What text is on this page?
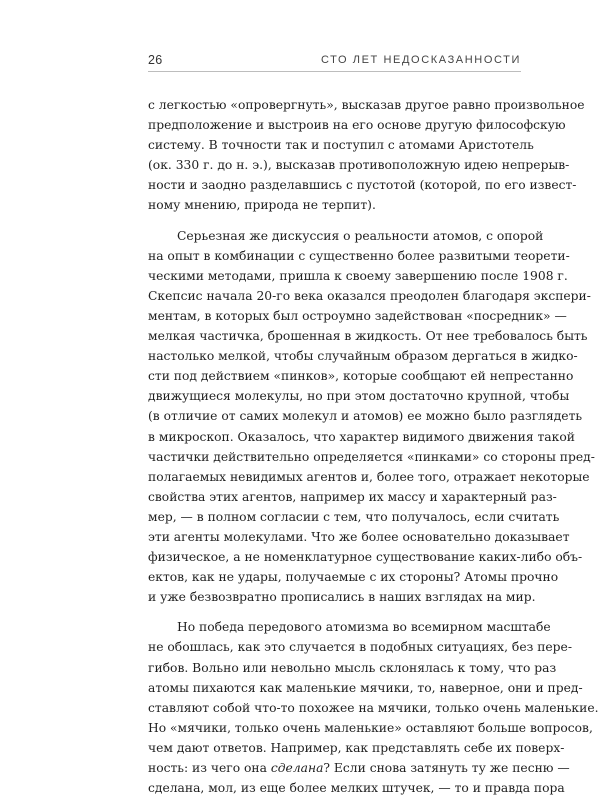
26	СТО ЛЕТ НЕДОСКАЗАННОСТИ
с легкостью «опровергнуть», высказав другое равно произвольное
предположение и выстроив на его основе другую философскую
систему. В точности так и поступил с атомами Аристотель
(ок. 330 г. до н. э.), высказав противоположную идею непрерыв-
ности и заодно разделавшись с пустотой (которой, по его извест-
ному мнению, природа не терпит).
Серьезная же дискуссия о реальности атомов, с опорой
на опыт в комбинации с существенно более развитыми теорети-
ческими методами, пришла к своему завершению после 1908 г.
Скепсис начала 20-го века оказался преодолен благодаря экспери-
ментам, в которых был остроумно задействован «посредник» —
мелкая частичка, брошенная в жидкость. От нее требовалось быть
настолько мелкой, чтобы случайным образом дергаться в жидко-
сти под действием «пинков», которые сообщают ей непрестанно
движущиеся молекулы, но при этом достаточно крупной, чтобы
(в отличие от самих молекул и атомов) ее можно было разглядеть
в микроскоп. Оказалось, что характер видимого движения такой
частички действительно определяется «пинками» со стороны пред-
полагаемых невидимых агентов и, более того, отражает некоторые
свойства этих агентов, например их массу и характерный раз-
мер, — в полном согласии с тем, что получалось, если считать
эти агенты молекулами. Что же более основательно доказывает
физическое, а не номенклатурное существование каких-либо объ-
ектов, как не удары, получаемые с их стороны? Атомы прочно
и уже безвозвратно прописались в наших взглядах на мир.
Но победа передового атомизма во всемирном масштабе
не обошлась, как это случается в подобных ситуациях, без пере-
гибов. Вольно или невольно мысль склонялась к тому, что раз
атомы пихаются как маленькие мячики, то, наверное, они и пред-
ставляют собой что-то похожее на мячики, только очень маленькие.
Но «мячики, только очень маленькие» оставляют больше вопросов,
чем дают ответов. Например, как представлять себе их поверх-
ность: из чего она сделана? Если снова затянуть ту же песню —
сделана, мол, из еще более мелких штучек, — то и правда пора
